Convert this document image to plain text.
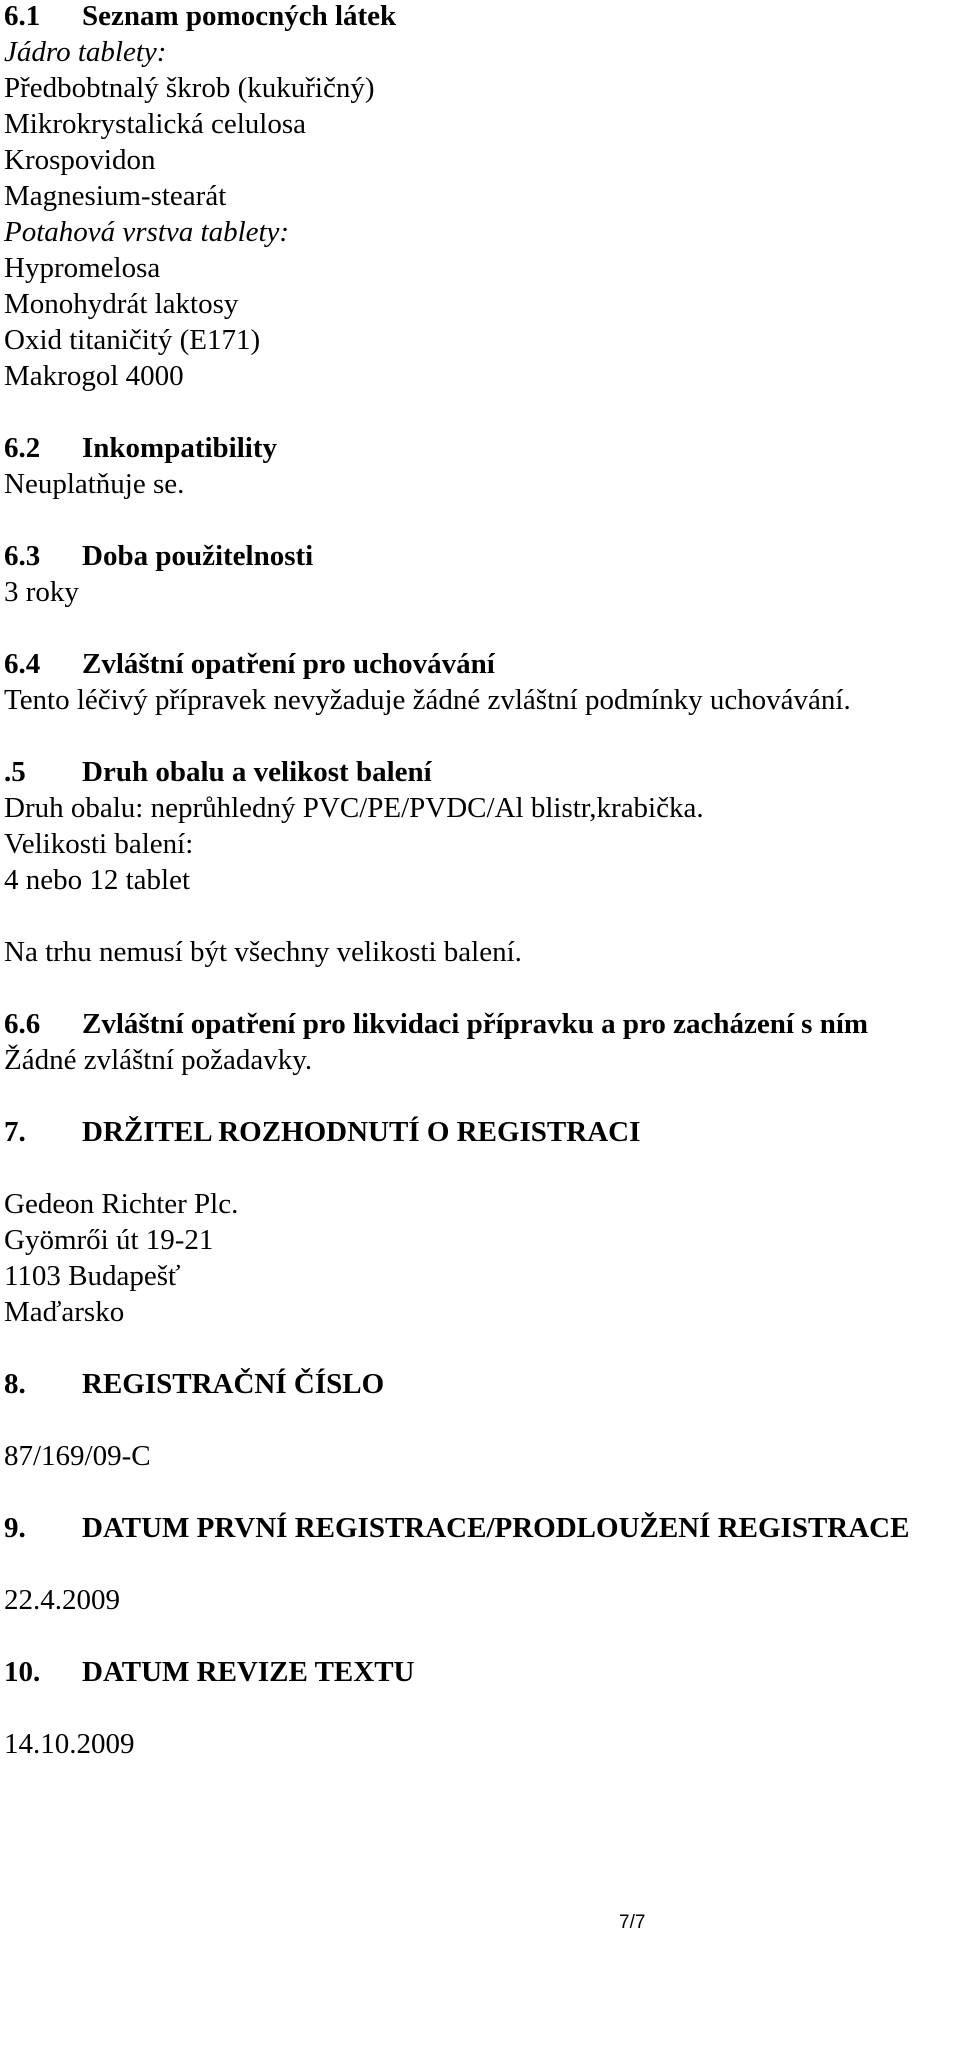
6.1 Seznam pomocných látek
Jádro tablety:
Předbobtnalý škrob (kukuřičný)
Mikrokrystalická celulosa
Krospovidon
Magnesium-stearát
Potahová vrstva tablety:
Hypromelosa
Monohydrát laktosy
Oxid titaničitý (E171)
Makrogol 4000
6.2 Inkompatibility
Neuplatňuje se.
6.3 Doba použitelnosti
3 roky
6.4 Zvláštní opatření pro uchovávání
Tento léčivý přípravek nevyžaduje žádné zvláštní podmínky uchovávání.
.5 Druh obalu a velikost balení
Druh obalu: neprůhledný PVC/PE/PVDC/Al blistr,krabička.
Velikosti balení:
4 nebo 12 tablet
Na trhu nemusí být všechny velikosti balení.
6.6 Zvláštní opatření pro likvidaci přípravku a pro zacházení s ním
Žádné zvláštní požadavky.
7. DRŽITEL ROZHODNUTÍ O REGISTRACI
Gedeon Richter Plc.
Gyömrői út 19-21
1103 Budapešť
Maďarsko
8. REGISTRAČNÍ ČÍSLO
87/169/09-C
9. DATUM PRVNÍ REGISTRACE/PRODLOUŽENÍ REGISTRACE
22.4.2009
10. DATUM REVIZE TEXTU
14.10.2009
7/7
